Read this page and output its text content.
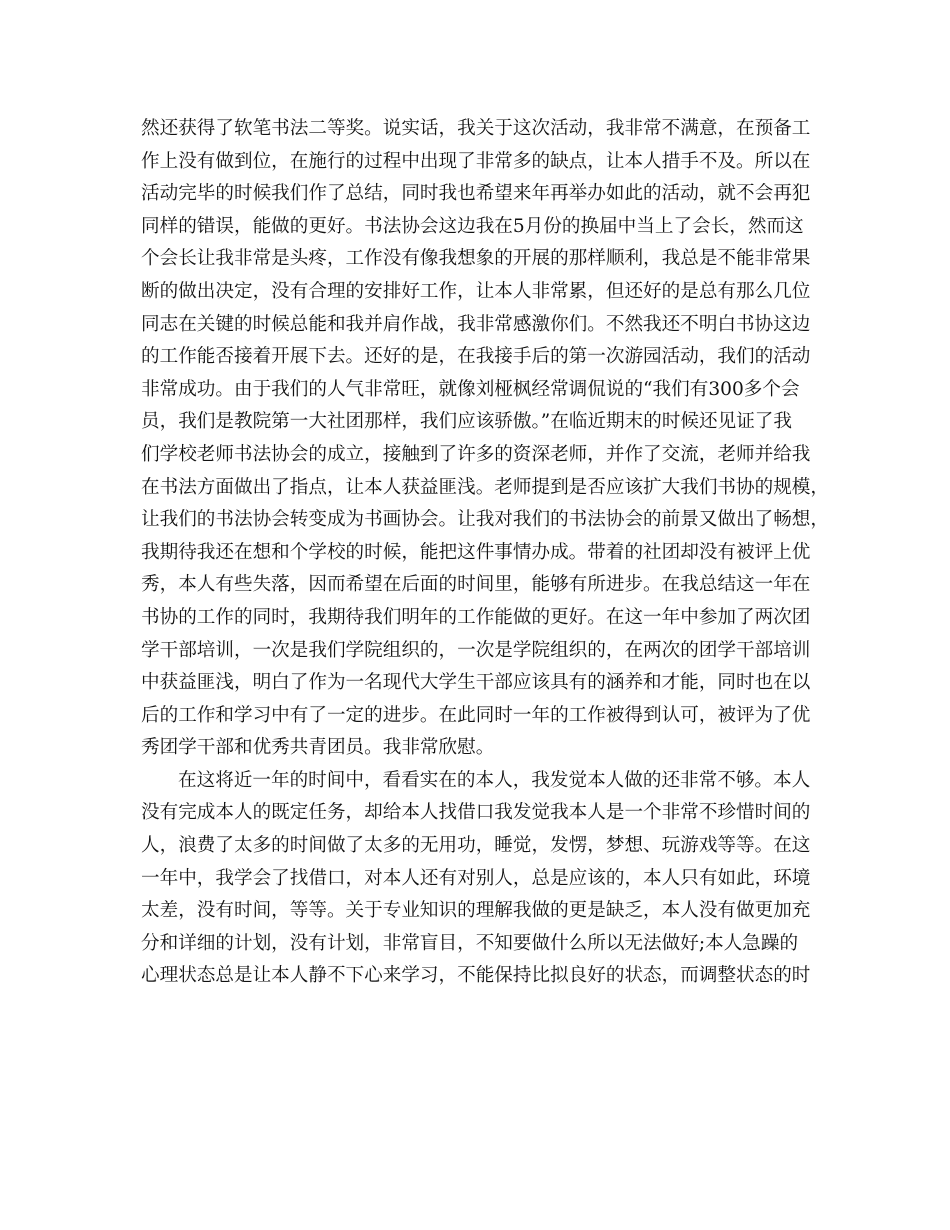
然还获得了软笔书法二等奖。说实话，我关于这次活动，我非常不满意，在预备工
作上没有做到位，在施行的过程中出现了非常多的缺点，让本人措手不及。所以在
活动完毕的时候我们作了总结，同时我也希望来年再举办如此的活动，就不会再犯
同样的错误，能做的更好。书法协会这边我在5月份的换届中当上了会长，然而这
个会长让我非常是头疼，工作没有像我想象的开展的那样顺利，我总是不能非常果
断的做出决定，没有合理的安排好工作，让本人非常累，但还好的是总有那么几位
同志在关键的时候总能和我并肩作战，我非常感激你们。不然我还不明白书协这边
的工作能否接着开展下去。还好的是，在我接手后的第一次游园活动，我们的活动
非常成功。由于我们的人气非常旺，就像刘桠枫经常调侃说的“我们有300多个会
员，我们是教院第一大社团那样，我们应该骄傲。”在临近期末的时候还见证了我
们学校老师书法协会的成立，接触到了许多的资深老师，并作了交流，老师并给我
在书法方面做出了指点，让本人获益匪浅。老师提到是否应该扩大我们书协的规模，
让我们的书法协会转变成为书画协会。让我对我们的书法协会的前景又做出了畅想，
我期待我还在想和个学校的时候，能把这件事情办成。带着的社团却没有被评上优
秀，本人有些失落，因而希望在后面的时间里，能够有所进步。在我总结这一年在
书协的工作的同时，我期待我们明年的工作能做的更好。在这一年中参加了两次团
学干部培训，一次是我们学院组织的，一次是学院组织的，在两次的团学干部培训
中获益匪浅，明白了作为一名现代大学生干部应该具有的涵养和才能，同时也在以
后的工作和学习中有了一定的进步。在此同时一年的工作被得到认可，被评为了优
秀团学干部和优秀共青团员。我非常欣慰。
在这将近一年的时间中，看看实在的本人，我发觉本人做的还非常不够。本人
没有完成本人的既定任务，却给本人找借口我发觉我本人是一个非常不珍惜时间的
人，浪费了太多的时间做了太多的无用功，睡觉，发愣，梦想、玩游戏等等。在这
一年中，我学会了找借口，对本人还有对别人，总是应该的，本人只有如此，环境
太差，没有时间，等等。关于专业知识的理解我做的更是缺乏，本人没有做更加充
分和详细的计划，没有计划，非常盲目，不知要做什么所以无法做好;本人急躁的
心理状态总是让本人静不下心来学习，不能保持比拟良好的状态，而调整状态的时
